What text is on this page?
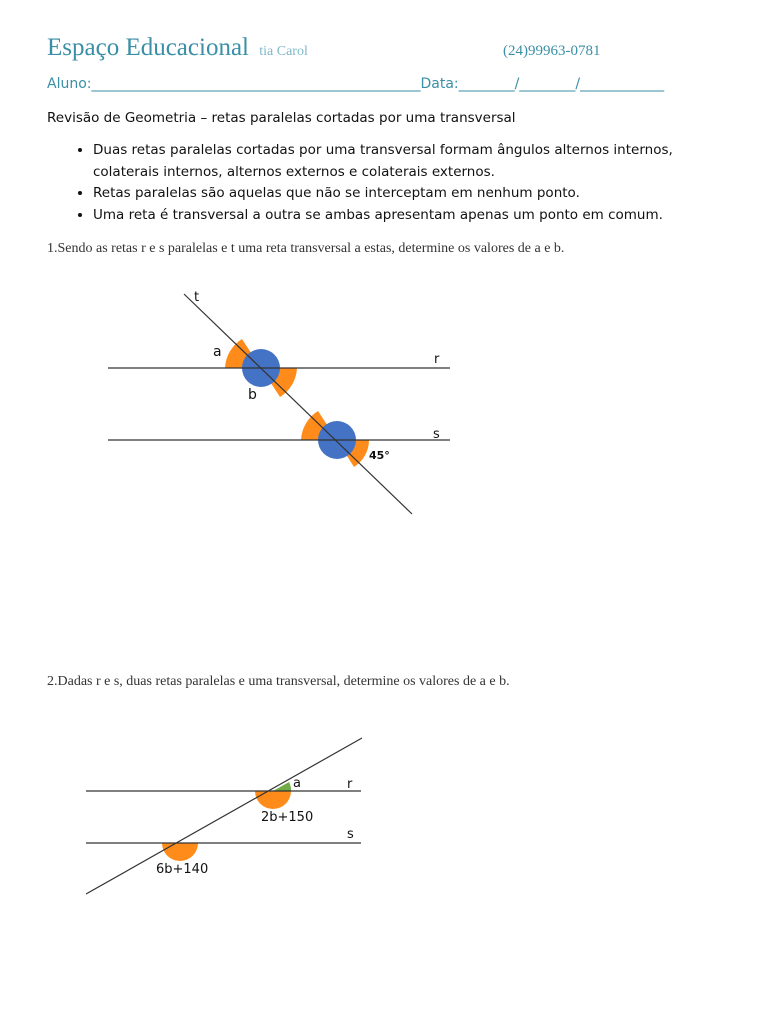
Espaço Educacional tia Carol	(24)99963-0781
Aluno:_______________________________________________Data:________/________/____________
Revisão de Geometria – retas paralelas cortadas por uma transversal
• Duas retas paralelas cortadas por uma transversal formam ângulos alternos internos, colaterais internos, alternos externos e colaterais externos.
• Retas paralelas são aquelas que não se interceptam em nenhum ponto.
• Uma reta é transversal a outra se ambas apresentam apenas um ponto em comum.
1.Sendo as retas r e s paralelas e t uma reta transversal a estas, determine os valores de a e b.
t
r
s
a
b
45°
a	r
s
2b+150
6b+140
2.Dadas r e s, duas retas paralelas e uma transversal, determine os valores de a e b.
